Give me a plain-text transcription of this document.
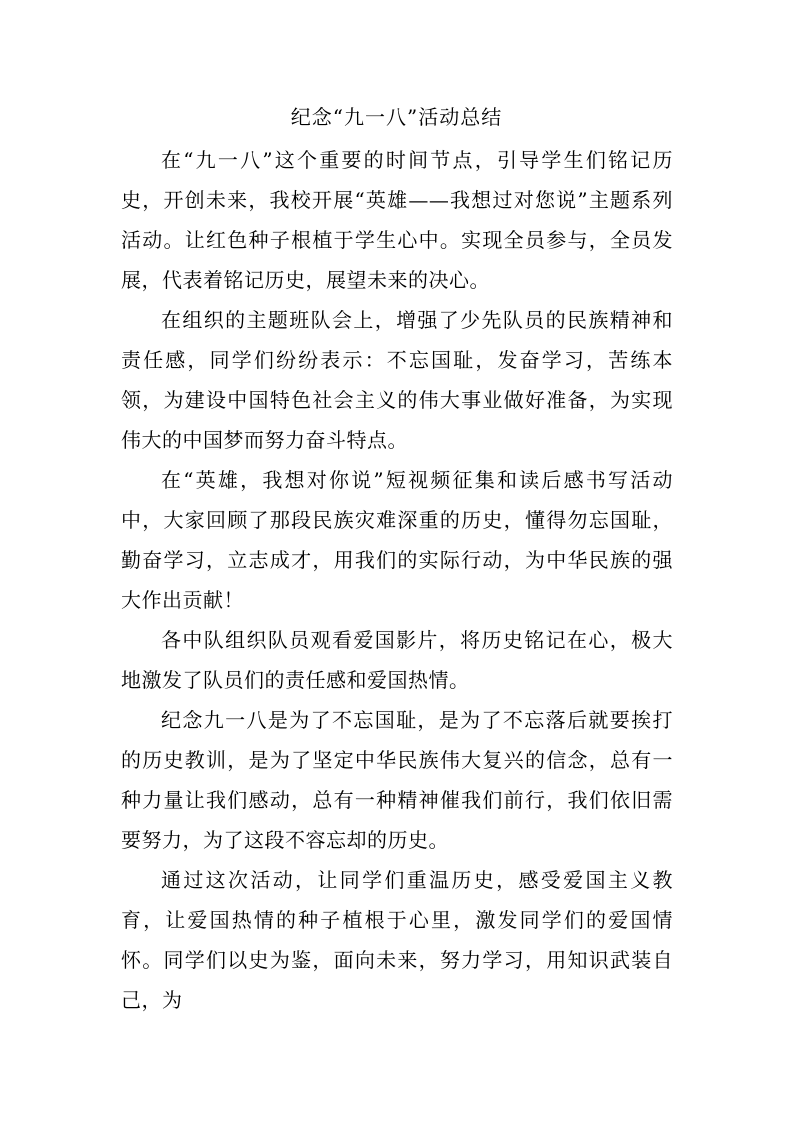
纪念“九一八”活动总结

在“九一八”这个重要的时间节点，引导学生们铭记历史，开创未来，我校开展“英雄——我想过对您说”主题系列活动。让红色种子根植于学生心中。实现全员参与，全员发展，代表着铭记历史，展望未来的决心。

在组织的主题班队会上，增强了少先队员的民族精神和责任感，同学们纷纷表示：不忘国耻，发奋学习，苦练本领，为建设中国特色社会主义的伟大事业做好准备，为实现伟大的中国梦而努力奋斗特点。

在“英雄，我想对你说”短视频征集和读后感书写活动中，大家回顾了那段民族灾难深重的历史，懂得勿忘国耻，勤奋学习，立志成才，用我们的实际行动，为中华民族的强大作出贡献！

各中队组织队员观看爱国影片，将历史铭记在心，极大地激发了队员们的责任感和爱国热情。

纪念九一八是为了不忘国耻，是为了不忘落后就要挨打的历史教训，是为了坚定中华民族伟大复兴的信念，总有一种力量让我们感动，总有一种精神催我们前行，我们依旧需要努力，为了这段不容忘却的历史。

通过这次活动，让同学们重温历史，感受爱国主义教育，让爱国热情的种子植根于心里，激发同学们的爱国情怀。同学们以史为鉴，面向未来，努力学习，用知识武装自己，为
